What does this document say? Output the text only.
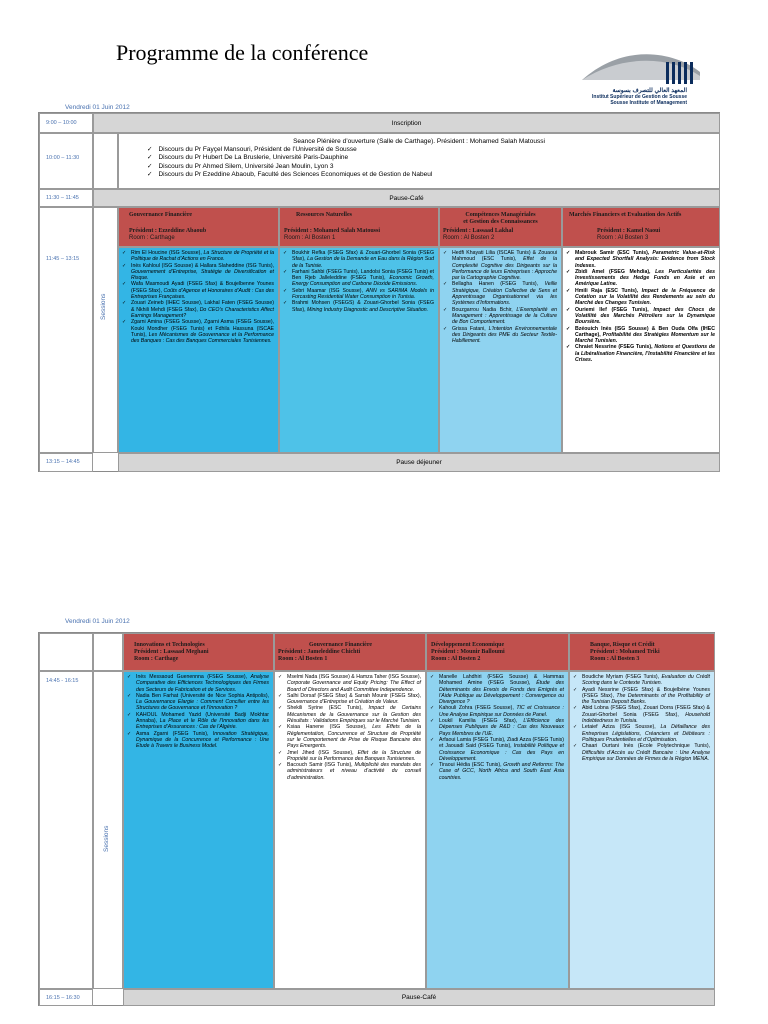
Programme de la conférence
المعهد العالي للتصرف بسوسة
Institut Supérieur de Gestion de Sousse
Sousse Institute of Management
Vendredi 01 Juin 2012
9:00 – 10:00
10:00 – 11:30
11:30 – 11:45
11:45 – 13:15
13:15 – 14:45
Sessions
Inscription
Seance Plénière d’ouverture (Salle de Carthage). Président : Mohamed Salah Matoussi
✓ Discours du Pr Fayçel Mansouri, Président de l’Université de Sousse
✓ Discours du Pr Hubert De La Bruslerie, Université Paris-Dauphine
✓ Discours du Pr Ahmed Silem, Université Jean Moulin, Lyon 3
✓ Discours du Pr Ezeddine Abaoub, Faculté des Sciences Economiques et de Gestion de Nabeul
Pause-Café
Gouvernance Financière
Président : Ezzeddine Abaoub
Room : Carthage
Ressources Naturelles
Président : Mohamed Salah Matoussi
Room : Al Bosten 1
Compétences Managériales
et Gestion des Connaissances
Président : Lassaad Lakhal
Room : Al Bosten 2
Marchés Financiers et Evaluation des Actifs
Président : Kamel Naoui
Room : Al Bosten 3
✓ Rim El Houcine (ISG Sousse), La Structure de Propriété et la Politique de Rachat d’Actions en France.
✓ Inès Kahloul (ISG Sousse) & Hallara Slaheddine (ISG Tunis), Gouvernement d’Entreprise, Stratégie de Diversification et Risque.
✓ Wafa Masmoudi Ayadi (FSEG Sfax) & Boujelbenne Younes (FSEG Sfax), Coûts d’Agence et Honoraires d’Audit : Cas des Entreprises Françaises.
✓ Zouari Zeineb (IHEC Sousse), Lakhal Faten (FSEG Sousse) & Nkhili Mehdi (FSEG Sfax), Do CEO’s Characteristics Affect Earnings Management?
✓ Zgarni Amina (FSEG Sousse), Zgarni Asma (FSEG Sousse), Kouki Mondher (FSEG Tunis) et Fdhila Hassuna (ISCAE Tunis), Les Mécanismes de Gouvernance et la Performance des Banques : Cas des Banques Commerciales Tunisiennes.
✓ Boukhir Refka (FSEG Sfax) & Zouari-Ghorbel Sonia (FSEG Sfax), La Gestion de la Demande en Eau dans la Région Sud de la Tunisie.
✓ Farhani Sahbi (FSEG Tunis), Landolsi Sonia (FSEG Tunis) et Ben Rjeb Jalleleddine (FSEG Tunis), Economic Growth, Energy Consumption and Carbone Dioxide Emissions.
✓ Sebri Maamar (ISG Sousse), ANN vs SARIMA Models in Forcasting Residential Water Consumption in Tunisia.
✓ Brahmi Mohsen (FSEGS) & Zouari-Ghorbel Sonia (FSEG Sfax), Mining Industry Diagnostic and Descriptive Situation.
✓ Hedfi Khayati Lilia (ISCAE Tunis) & Zouaoui Mahmoud (ESC Tunis), Effet de la Complexité Cognitive des Dirigeants sur la Performance de leurs Entreprises : Approche par la Cartographie Cognitive.
✓ Bellagha Hanen (FSEG Tunis), Veille Stratégique, Création Collective de Sens et Apprentissage Organisationnel via les Systèmes d’Informations.
✓ Bouzgarrou Nadia Bchir, L’Exemplarité en Management : Apprentissage de la Culture de Bon Comportement.
✓ Grissa Fatani, L’Intention Environnementale des Dirigeants des PME du Secteur Textile-Habillement.
✓ Mabrouk Samir (ESC Tunis), Parametric Value-at-Risk and Expected Shortfall Analysis: Evidence from Stock Indexes.
✓ Zbidi Amel (FSEG Mehdia), Les Particularités des Investissements des Hedge Funds en Asie et en Amérique Latine.
✓ Hmili Raja (ESC Tunis), Impact de la Fréquence de Cotation sur la Volatilité des Rendements au sein du Marché des Changes Tunisien.
✓ Ouriemi Ilef (FSEG Tunis), Impact des Chocs de Volatilité des Marchés Pétroliers sur la Dynamique Boursière.
✓ Bzéouich Inès (ISG Sousse) & Ben Ouda Olfa (IHEC Carthage), Profitabilité des Stratégies Momentum sur le Marché Tunisien.
✓ Chraiet Nessrine (FSEG Tunis), Notions et Questions de la Libéralisation Financière, l’Instabilité Financière et les Crises.
Pause déjeuner
Vendredi 01 Juin 2012
14:45 - 16:15
16:15 – 16:30
Sessions
Innovations et Technologies
Président : Lassaad Meghani
Room : Carthage
Gouvernance Financière
Président : Jameleddine Chichti
Room : Al Bosten 1
Développement Economique
Président : Mounir Balloumi
Room : Al Bosten 2
Banque, Risque et Crédit
Président : Mohamed Triki
Room : Al Bosten 3
✓ Inès Messaoud Guenennna (FSEG Sousse), Analyse Comparative des Efficiences Technologiques des Firmes des Secteurs de Fabrication et de Services.
✓ Nadia Ben Farhat (Université de Nice Sophia Antipolis), La Gouvernance Elargie : Comment Concilier entre les Structures de Gouvernance et l’Innovation ?
✓ KAHOUL Mohamed Yazid (Université Badji Mokhtar Annaba), La Place et le Rôle de l’Innovation dans les Entreprises d’Assurances : Cas de l’Algérie.
✓ Asma Zgarni (FSEG Tunis), Innovation Stratégique, Dynamique de la Concurrence et Performance : Une Etude à Travers le Business Model.
✓ Mselmi Nada (ISG Sousse) & Hamza Taher (ISG Sousse), Corporate Governance and Equity Pricing: The Effect of Board of Directors and Audit Committee Independence.
✓ Salhi Dorsaf (FSEG Sfax) & Sarrah Mounir (FSEG Sfax), Gouvernance d’Entreprise et Création de Valeur.
✓ Shekili Syrine (ESC Tunis), Impact de Certains Mécanismes de la Gouvernance sur la Gestion des Résultats : Validations Empiriques sur le Marché Tunisien.
✓ Ksiaa Hanene (ISG Sousse), Les Effets de la Réglementation, Concurrence et Structure de Propriété sur le Comportement de Prise de Risque Bancaire des Pays Emergents.
✓ Jmel Jihed (ISG Sousse), Effet de la Structure de Propriété sur la Performance des Banques Tunisiennes.
✓ Bacouch Samir (ISG Tunis), Multiplicité des mandats des administrateurs et niveau d’activité du conseil d’administration.
✓ Manelle Lahdhiri (FSEG Sousse) & Hammas Mohamed Amine (FSEG Sousse), Étude des Déterminants des Envois de Fonds des Emigrés et l’Aide Publique au Développement : Convergence ou Divergence ?
✓ Kahouli Zohra (FSEG Sousse), TIC et Croissance : Une Analyse Empirique sur Données de Panel.
✓ Loukil Kamilia (FSEG Sfax), L’Efficience des Dépenses Publiques de R&D : Cas des Nouveaux Pays Membres de l’UE.
✓ Arfaoui Lamia (FSEG Tunis), Ziadi Azza (FSEG Tunis) et Jaouadi Said (FSEG Tunis), Instabilité Politique et Croissance Economique : Cas des Pays en Développement.
✓ Tiraoui Hédia (ESC Tunis), Growth and Reforms: The Case of GCC, North Africa and South East Asia countries.
✓ Boudiche Myriam (FSEG Tunis), Evaluation du Crédit Scoring dans le Contexte Tunisien.
✓ Ayadi Nessrine (FSEG Sfax) & Boujelbène Younes (FSEG Sfax), The Determinants of the Profitability of the Tunisian Deposit Banks.
✓ Abid Lobna (FSEG Sfax), Zouari Dorra (FSEG Sfax) & Zouari-Ghorbel Sonia (FSEG Sfax), Household Indebtedness in Tunisia.
✓ Letaief Aziza (ISG Sousse), La Défaillance des Entreprises Législations, Créanciers et Débiteurs : Politiques Prudentielles et d’Optimisation.
✓ Chaari Ourtani Inès (Ecole Polytechnique Tunis), Difficultés d’Accès au Crédit Bancaire : Une Analyse Empirique sur Données de Firmes de la Région MENA.
Pause-Café
